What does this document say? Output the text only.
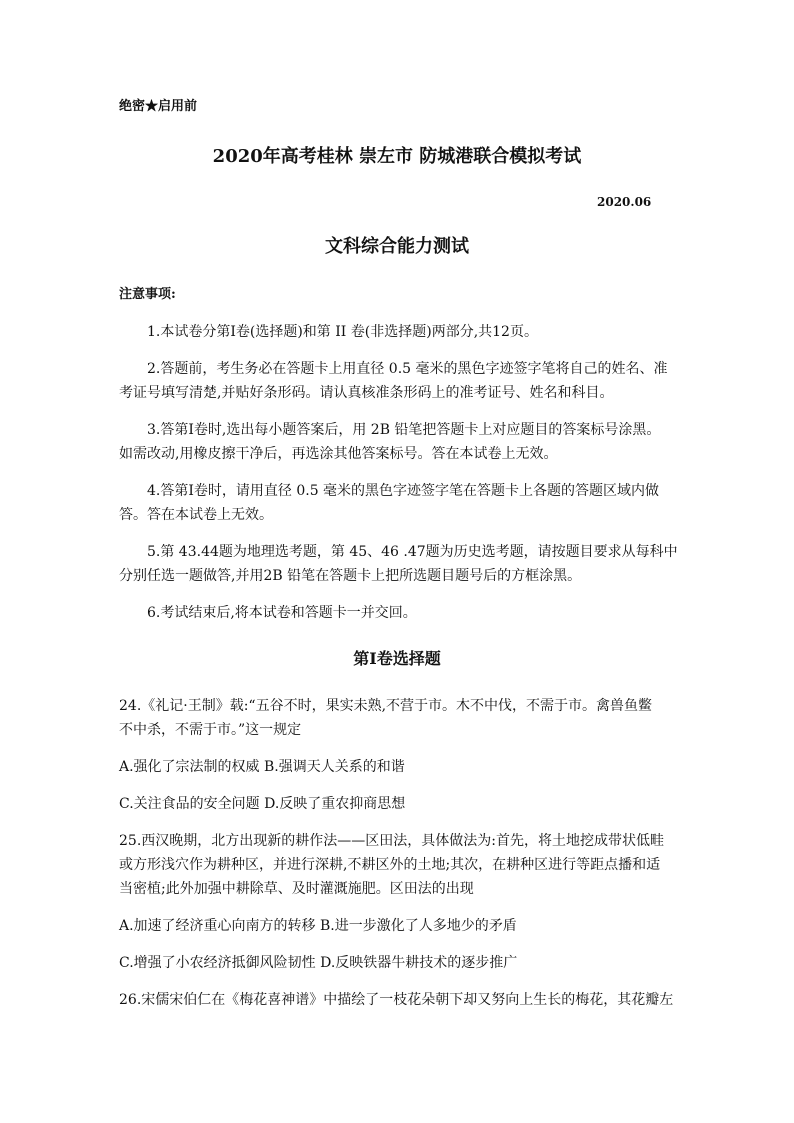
绝密★启用前
2020年高考桂林 崇左市 防城港联合模拟考试
2020.06
文科综合能力测试
注意事项:
1.本试卷分第Ⅰ卷(选择题)和第 II 卷(非选择题)两部分,共12页。
2.答题前，考生务必在答题卡上用直径 0.5 毫米的黑色字迹签字笔将自己的姓名、准
考证号填写清楚,并贴好条形码。请认真核准条形码上的准考证号、姓名和科目。
3.答第Ⅰ卷时,选出每小题答案后，用 2B 铅笔把答题卡上对应题目的答案标号涂黑。
如需改动,用橡皮擦干净后，再选涂其他答案标号。答在本试卷上无效。
4.答第Ⅰ卷时，请用直径 0.5 毫米的黑色字迹签字笔在答题卡上各题的答题区域内做
答。答在本试卷上无效。
5.第 43.44题为地理选考题，第 45、46 .47题为历史选考题，请按题目要求从每科中
分别任选一题做答,并用2B 铅笔在答题卡上把所选题目题号后的方框涂黑。
6.考试结束后,将本试卷和答题卡一并交回。
第Ⅰ卷选择题
24.《礼记·王制》载:“五谷不时，果实未熟,不营于市。木不中伐，不需于市。禽兽鱼鳖
不中杀，不需于市。”这一规定
A.强化了宗法制的权威 B.强调天人关系的和谐
C.关注食品的安全问题 D.反映了重农抑商思想
25.西汉晚期，北方出现新的耕作法——区田法，具体做法为:首先，将土地挖成带状低畦
或方形浅穴作为耕种区，并进行深耕,不耕区外的土地;其次，在耕种区进行等距点播和适
当密植;此外加强中耕除草、及时灌溉施肥。区田法的出现
A.加速了经济重心向南方的转移 B.进一步激化了人多地少的矛盾
C.增强了小农经济抵御风险韧性 D.反映铁器牛耕技术的逐步推广
26.宋儒宋伯仁在《梅花喜神谱》中描绘了一枝花朵朝下却又努向上生长的梅花，其花瓣左
